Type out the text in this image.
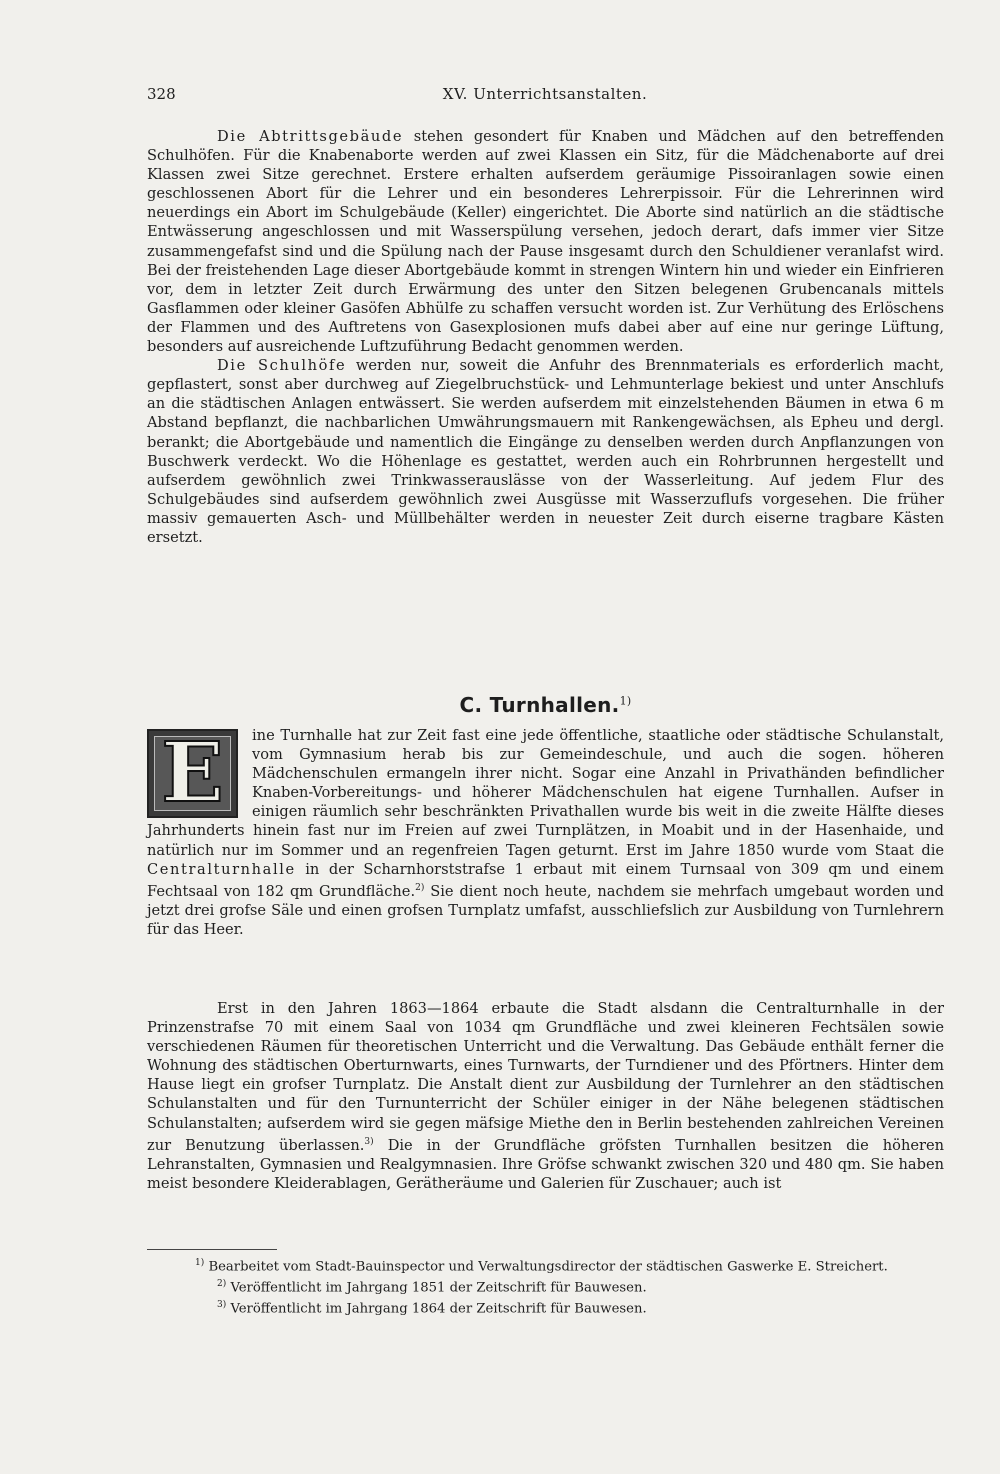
XV. Unterrichtsanstalten.
328

Die Abtrittsgebäude stehen gesondert für Knaben und Mädchen auf den betreffenden Schulhöfen. Für die Knabenaborte werden auf zwei Klassen ein Sitz, für die Mädchenaborte auf drei Klassen zwei Sitze gerechnet. Erstere erhalten aufserdem geräumige Pissoiranlagen sowie einen geschlossenen Abort für die Lehrer und ein besonderes Lehrerpissoir. Für die Lehrerinnen wird neuerdings ein Abort im Schulgebäude (Keller) eingerichtet. Die Aborte sind natürlich an die städtische Entwässerung angeschlossen und mit Wasserspülung versehen, jedoch derart, dafs immer vier Sitze zusammengefafst sind und die Spülung nach der Pause insgesamt durch den Schuldiener veranlafst wird. Bei der freistehenden Lage dieser Abortgebäude kommt in strengen Wintern hin und wieder ein Einfrieren vor, dem in letzter Zeit durch Erwärmung des unter den Sitzen belegenen Grubencanals mittels Gasflammen oder kleiner Gasöfen Abhülfe zu schaffen versucht worden ist. Zur Verhütung des Erlöschens der Flammen und des Auftretens von Gasexplosionen mufs dabei aber auf eine nur geringe Lüftung, besonders auf ausreichende Luftzuführung Bedacht genommen werden.

Die Schulhöfe werden nur, soweit die Anfuhr des Brennmaterials es erforderlich macht, gepflastert, sonst aber durchweg auf Ziegelbruchstück- und Lehmunterlage bekiest und unter Anschlufs an die städtischen Anlagen entwässert. Sie werden aufserdem mit einzelstehenden Bäumen in etwa 6 m Abstand bepflanzt, die nachbarlichen Umwährungsmauern mit Rankengewächsen, als Epheu und dergl. berankt; die Abortgebäude und namentlich die Eingänge zu denselben werden durch Anpflanzungen von Buschwerk verdeckt. Wo die Höhenlage es gestattet, werden auch ein Rohrbrunnen hergestellt und aufserdem gewöhnlich zwei Trinkwasserauslässe von der Wasserleitung. Auf jedem Flur des Schulgebäudes sind aufserdem gewöhnlich zwei Ausgüsse mit Wasserzuflufs vorgesehen. Die früher massiv gemauerten Asch- und Müllbehälter werden in neuester Zeit durch eiserne tragbare Kästen ersetzt.

C. Turnhallen.$^{1)}$

E	ine Turnhalle hat zur Zeit fast eine jede öffentliche, staatliche oder städtische Schulanstalt, vom Gymnasium herab bis zur Gemeindeschule, und auch die sogen. höheren Mädchenschulen ermangeln ihrer nicht. Sogar eine Anzahl in Privathänden befindlicher Knaben-Vorbereitungs- und höherer Mädchenschulen hat eigene Turnhallen. Aufser in einigen räumlich sehr beschränkten Privathallen wurde bis weit in die zweite Hälfte dieses Jahrhunderts hinein fast nur im Freien auf zwei Turnplätzen, in Moabit und in der Hasenhaide, und natürlich nur im Sommer und an regenfreien Tagen geturnt. Erst im Jahre 1850 wurde vom Staat die Centralturnhalle in der Scharnhorststrafse 1 erbaut mit einem Turnsaal von 309 qm und einem Fechtsaal von 182 qm Grundfläche.$^{2)}$ Sie dient noch heute, nachdem sie mehrfach umgebaut worden und jetzt drei grofse Säle und einen grofsen Turnplatz umfafst, ausschliefslich zur Ausbildung von Turnlehrern für das Heer.

Erst in den Jahren 1863—1864 erbaute die Stadt alsdann die Centralturnhalle in der Prinzenstrafse 70 mit einem Saal von 1034 qm Grundfläche und zwei kleineren Fechtsälen sowie verschiedenen Räumen für theoretischen Unterricht und die Verwaltung. Das Gebäude enthält ferner die Wohnung des städtischen Oberturnwarts, eines Turnwarts, der Turndiener und des Pförtners. Hinter dem Hause liegt ein grofser Turnplatz. Die Anstalt dient zur Ausbildung der Turnlehrer an den städtischen Schulanstalten und für den Turnunterricht der Schüler einiger in der Nähe belegenen städtischen Schulanstalten; aufserdem wird sie gegen mäfsige Miethe den in Berlin bestehenden zahlreichen Vereinen zur Benutzung überlassen.$^{3)}$ Die in der Grundfläche gröfsten Turnhallen besitzen die höheren Lehranstalten, Gymnasien und Realgymnasien. Ihre Gröfse schwankt zwischen 320 und 480 qm. Sie haben meist besondere Kleiderablagen, Gerätheräume und Galerien für Zuschauer; auch ist

$^{1)}$ Bearbeitet vom Stadt-Bauinspector und Verwaltungsdirector der städtischen Gaswerke E. Streichert.

$^{2)}$ Veröffentlicht im Jahrgang 1851 der Zeitschrift für Bauwesen.

$^{3)}$ Veröffentlicht im Jahrgang 1864 der Zeitschrift für Bauwesen.
